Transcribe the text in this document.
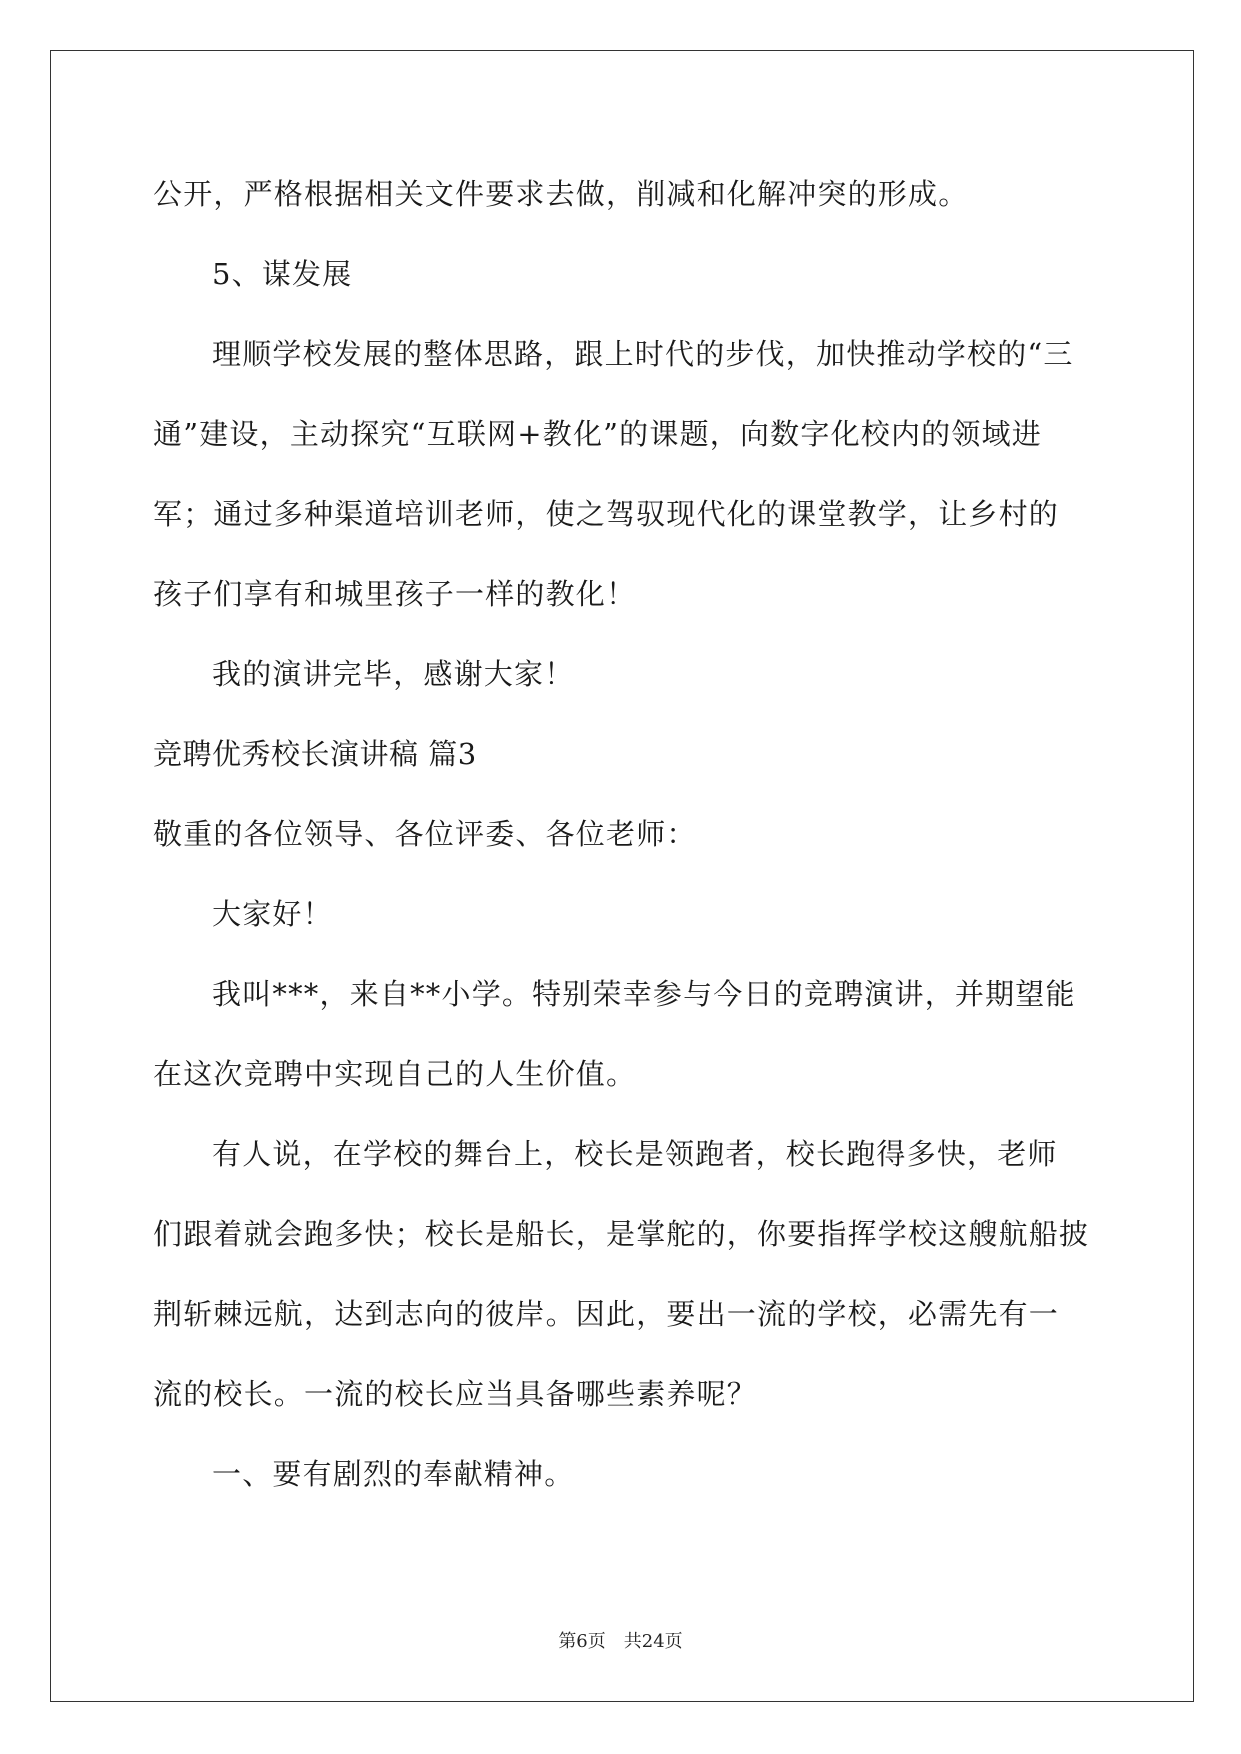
公开，严格根据相关文件要求去做，削减和化解冲突的形成。
5、谋发展
理顺学校发展的整体思路，跟上时代的步伐，加快推动学校的“三
通”建设，主动探究“互联网+教化”的课题，向数字化校内的领域进
军；通过多种渠道培训老师，使之驾驭现代化的课堂教学，让乡村的
孩子们享有和城里孩子一样的教化！
我的演讲完毕，感谢大家！
竞聘优秀校长演讲稿 篇3
敬重的各位领导、各位评委、各位老师：
大家好！
我叫***，来自**小学。特别荣幸参与今日的竞聘演讲，并期望能
在这次竞聘中实现自己的人生价值。
有人说，在学校的舞台上，校长是领跑者，校长跑得多快，老师
们跟着就会跑多快；校长是船长，是掌舵的，你要指挥学校这艘航船披
荆斩棘远航，达到志向的彼岸。因此，要出一流的学校，必需先有一
流的校长。一流的校长应当具备哪些素养呢？
一、要有剧烈的奉献精神。
第6页 共24页
